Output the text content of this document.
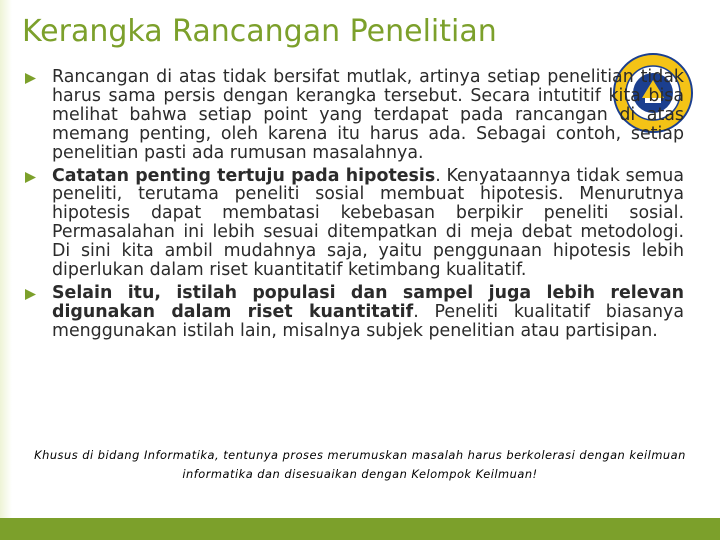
Kerangka Rancangan Penelitian
Rancangan di atas tidak bersifat mutlak, artinya setiap penelitian tidak harus sama persis dengan kerangka tersebut. Secara intutitif kita bisa melihat bahwa setiap point yang terdapat pada rancangan di atas memang penting, oleh karena itu harus ada. Sebagai contoh, setiap penelitian pasti ada rumusan masalahnya.
Catatan penting tertuju pada hipotesis. Kenyataannya tidak semua peneliti, terutama peneliti sosial membuat hipotesis. Menurutnya hipotesis dapat membatasi kebebasan berpikir peneliti sosial. Permasalahan ini lebih sesuai ditempatkan di meja debat metodologi. Di sini kita ambil mudahnya saja, yaitu penggunaan hipotesis lebih diperlukan dalam riset kuantitatif ketimbang kualitatif.
Selain itu, istilah populasi dan sampel juga lebih relevan digunakan dalam riset kuantitatif. Peneliti kualitatif biasanya menggunakan istilah lain, misalnya subjek penelitian atau partisipan.
Khusus di bidang Informatika, tentunya proses merumuskan masalah harus berkolerasi dengan keilmuan informatika dan disesuaikan dengan Kelompok Keilmuan!
